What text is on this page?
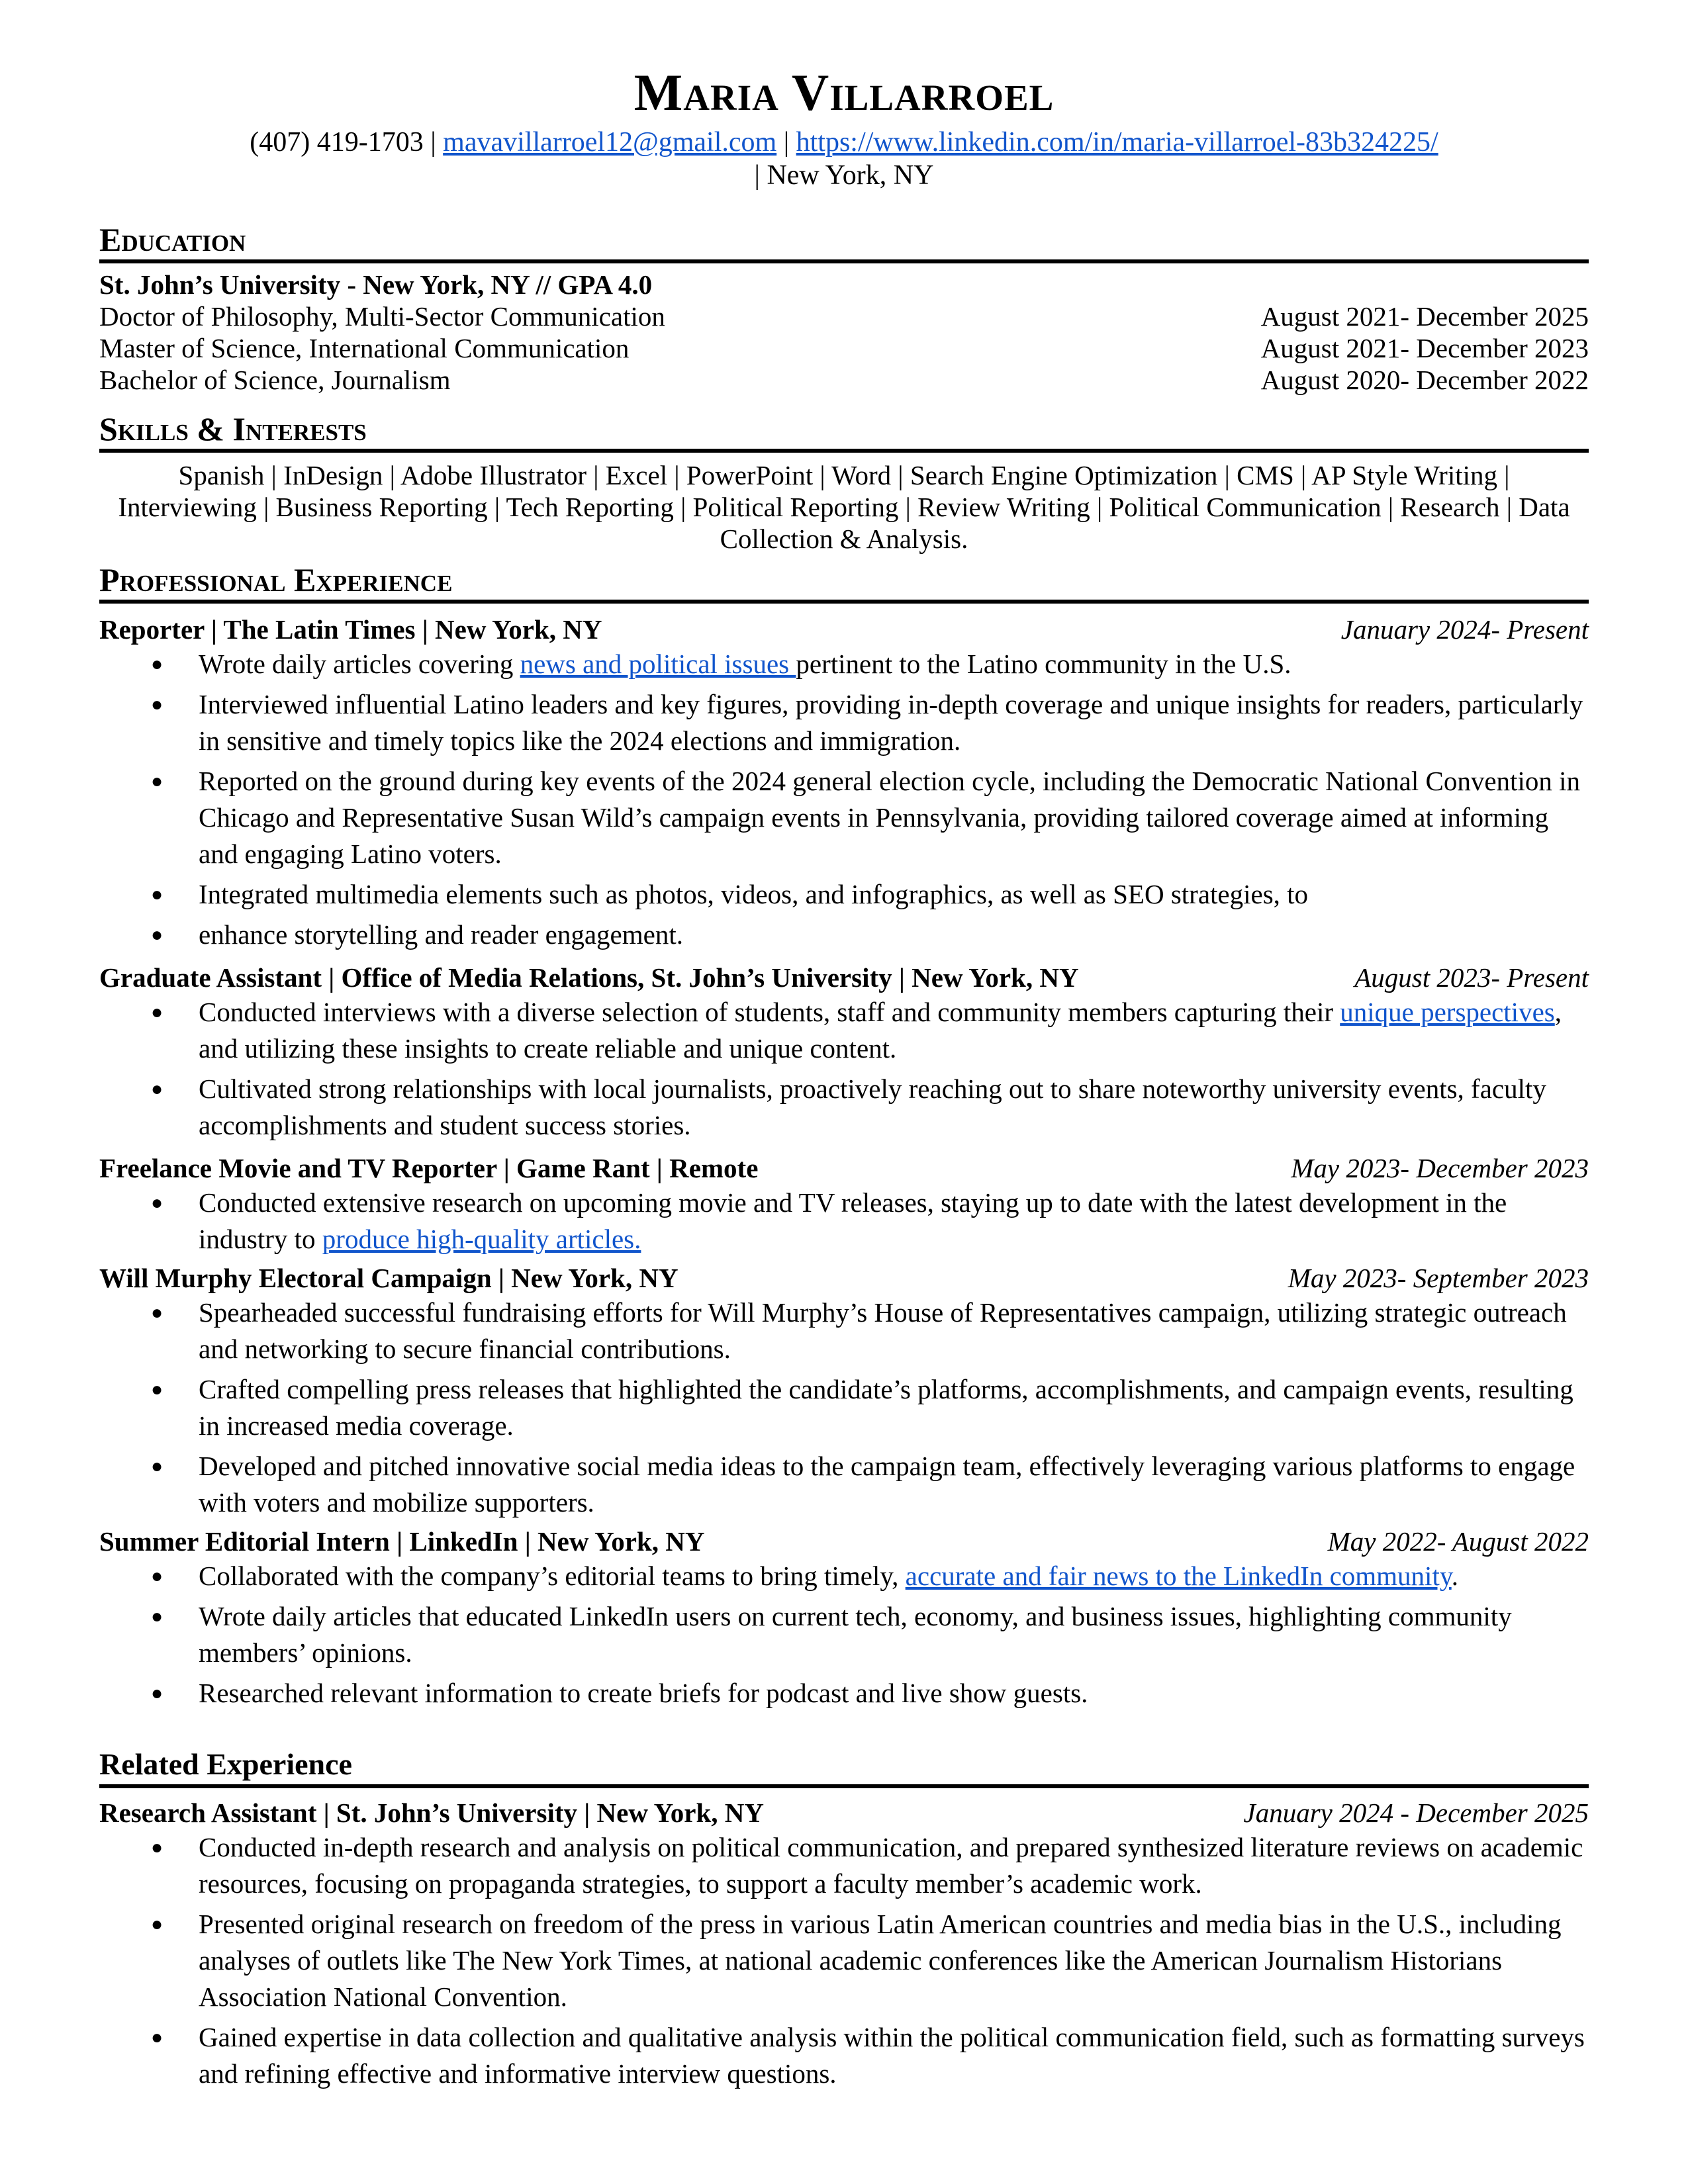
Maria Villarroel
(407) 419-1703 | mavavillarroel12@gmail.com | https://www.linkedin.com/in/maria-villarroel-83b324225/
| New York, NY
Education
St. John’s University - New York, NY // GPA 4.0
Doctor of Philosophy, Multi-Sector Communication	August 2021- December 2025
Master of Science, International Communication	August 2021- December 2023
Bachelor of Science, Journalism	August 2020- December 2022
Skills & Interests
Spanish | InDesign | Adobe Illustrator | Excel | PowerPoint | Word | Search Engine Optimization | CMS | AP Style Writing |
Interviewing | Business Reporting | Tech Reporting | Political Reporting | Review Writing | Political Communication | Research | Data
Collection & Analysis.
Professional Experience
Reporter | The Latin Times | New York, NY	January 2024- Present
● Wrote daily articles covering news and political issues pertinent to the Latino community in the U.S.
● Interviewed influential Latino leaders and key figures, providing in-depth coverage and unique insights for readers, particularly in sensitive and timely topics like the 2024 elections and immigration.
● Reported on the ground during key events of the 2024 general election cycle, including the Democratic National Convention in Chicago and Representative Susan Wild’s campaign events in Pennsylvania, providing tailored coverage aimed at informing and engaging Latino voters.
● Integrated multimedia elements such as photos, videos, and infographics, as well as SEO strategies, to
● enhance storytelling and reader engagement.
Graduate Assistant | Office of Media Relations, St. John’s University | New York, NY	August 2023- Present
● Conducted interviews with a diverse selection of students, staff and community members capturing their unique perspectives, and utilizing these insights to create reliable and unique content.
● Cultivated strong relationships with local journalists, proactively reaching out to share noteworthy university events, faculty accomplishments and student success stories.
Freelance Movie and TV Reporter | Game Rant | Remote	May 2023- December 2023
● Conducted extensive research on upcoming movie and TV releases, staying up to date with the latest development in the industry to produce high-quality articles.
Will Murphy Electoral Campaign | New York, NY	May 2023- September 2023
● Spearheaded successful fundraising efforts for Will Murphy’s House of Representatives campaign, utilizing strategic outreach and networking to secure financial contributions.
● Crafted compelling press releases that highlighted the candidate’s platforms, accomplishments, and campaign events, resulting in increased media coverage.
● Developed and pitched innovative social media ideas to the campaign team, effectively leveraging various platforms to engage with voters and mobilize supporters.
Summer Editorial Intern | LinkedIn | New York, NY	May 2022- August 2022
● Collaborated with the company’s editorial teams to bring timely, accurate and fair news to the LinkedIn community.
● Wrote daily articles that educated LinkedIn users on current tech, economy, and business issues, highlighting community members’ opinions.
● Researched relevant information to create briefs for podcast and live show guests.
Related Experience
Research Assistant | St. John’s University | New York, NY	January 2024 - December 2025
● Conducted in-depth research and analysis on political communication, and prepared synthesized literature reviews on academic resources, focusing on propaganda strategies, to support a faculty member’s academic work.
● Presented original research on freedom of the press in various Latin American countries and media bias in the U.S., including analyses of outlets like The New York Times, at national academic conferences like the American Journalism Historians Association National Convention.
● Gained expertise in data collection and qualitative analysis within the political communication field, such as formatting surveys and refining effective and informative interview questions.
